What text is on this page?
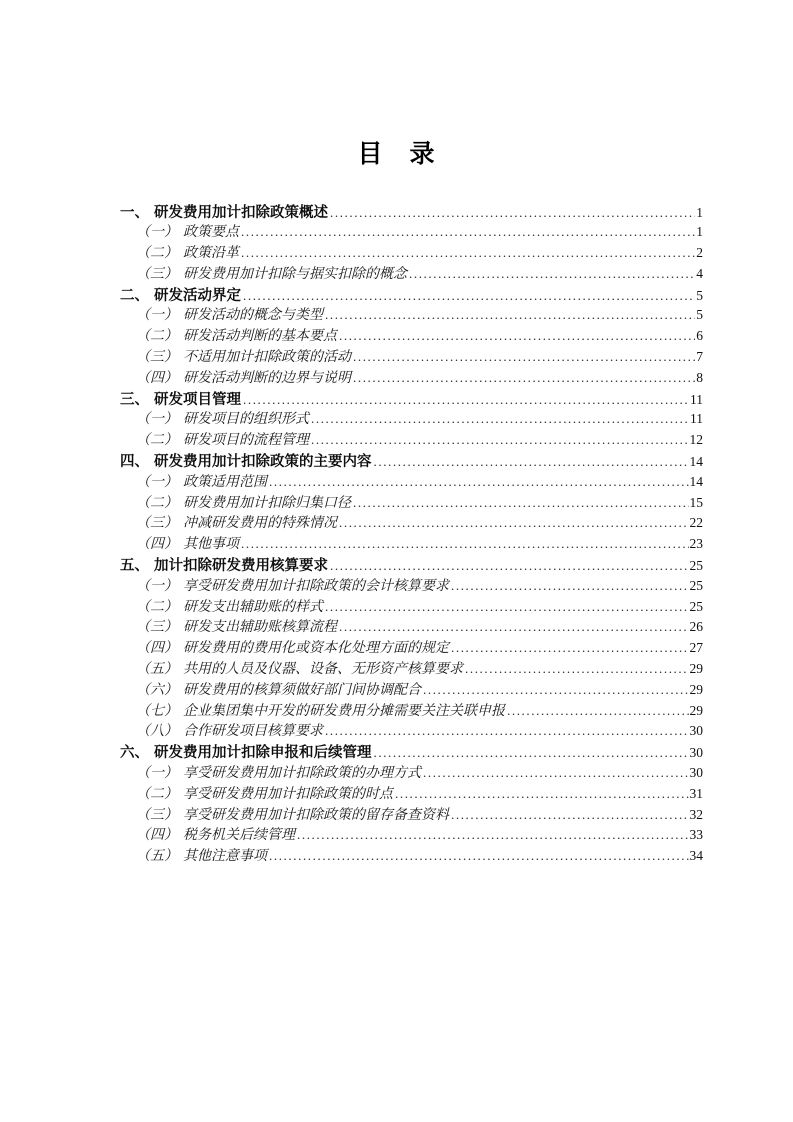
目　录
一、 研发费用加计扣除政策概述 .....	1
（一） 政策要点 .....	1
（二） 政策沿革 .....	2
（三） 研发费用加计扣除与据实扣除的概念 .....	4
二、 研发活动界定 .....	5
（一） 研发活动的概念与类型 .....	5
（二） 研发活动判断的基本要点 .....	6
（三） 不适用加计扣除政策的活动 .....	7
（四） 研发活动判断的边界与说明 .....	8
三、 研发项目管理 .....	11
（一） 研发项目的组织形式 .....	11
（二） 研发项目的流程管理 .....	12
四、 研发费用加计扣除政策的主要内容 .....	14
（一） 政策适用范围 .....	14
（二） 研发费用加计扣除归集口径 .....	15
（三） 冲减研发费用的特殊情况 .....	22
（四） 其他事项 .....	23
五、 加计扣除研发费用核算要求 .....	25
（一） 享受研发费用加计扣除政策的会计核算要求 .....	25
（二） 研发支出辅助账的样式 .....	25
（三） 研发支出辅助账核算流程 .....	26
（四） 研发费用的费用化或资本化处理方面的规定 .....	27
（五） 共用的人员及仪器、设备、无形资产核算要求 .....	29
（六） 研发费用的核算须做好部门间协调配合 .....	29
（七） 企业集团集中开发的研发费用分摊需要关注关联申报 .....	29
（八） 合作研发项目核算要求 .....	30
六、 研发费用加计扣除申报和后续管理 .....	30
（一） 享受研发费用加计扣除政策的办理方式 .....	30
（二） 享受研发费用加计扣除政策的时点 .....	31
（三） 享受研发费用加计扣除政策的留存备查资料 .....	32
（四） 税务机关后续管理 .....	33
（五） 其他注意事项 .....	34
